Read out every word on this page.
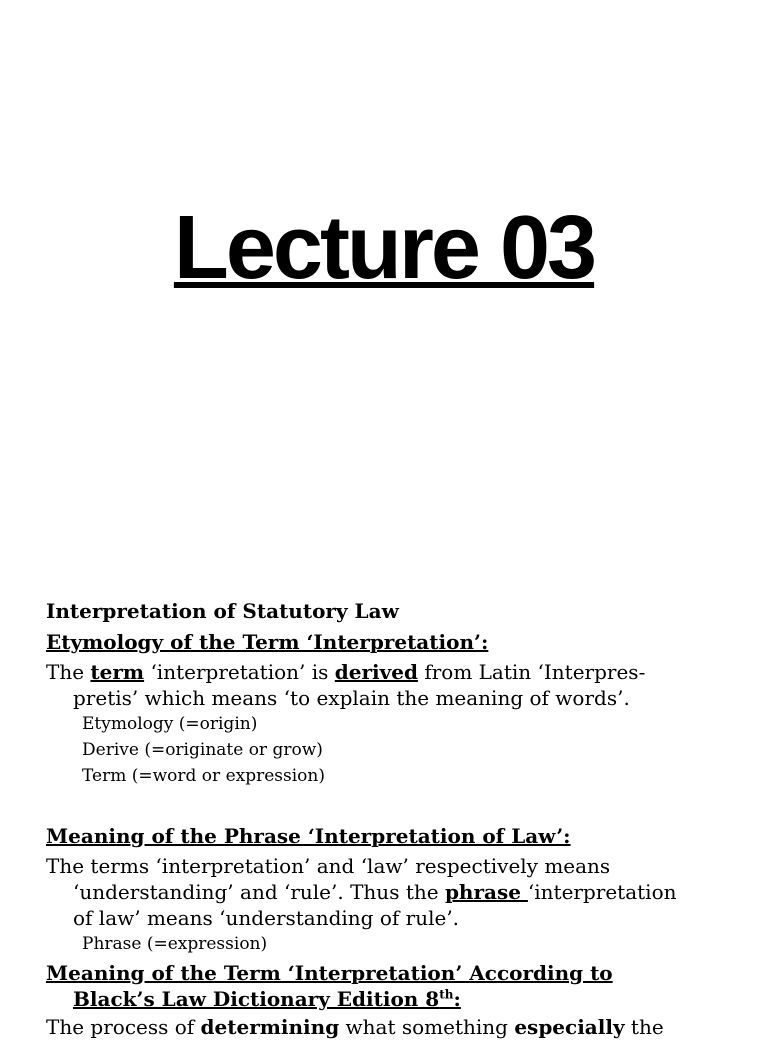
Lecture 03
Interpretation of Statutory Law
Etymology of the Term ‘Interpretation’:
The term ‘interpretation’ is derived from Latin ‘Interpres-
pretis’ which means ‘to explain the meaning of words’.
Etymology (=origin)
Derive (=originate or grow)
Term (=word or expression)
Meaning of the Phrase ‘Interpretation of Law’:
The terms ‘interpretation’ and ‘law’ respectively means
‘understanding’ and ‘rule’. Thus the phrase ‘interpretation
of law’ means ‘understanding of rule’.
Phrase (=expression)
Meaning of the Term ‘Interpretation’ According to
Black’s Law Dictionary Edition 8th:
The process of determining what something especially the
